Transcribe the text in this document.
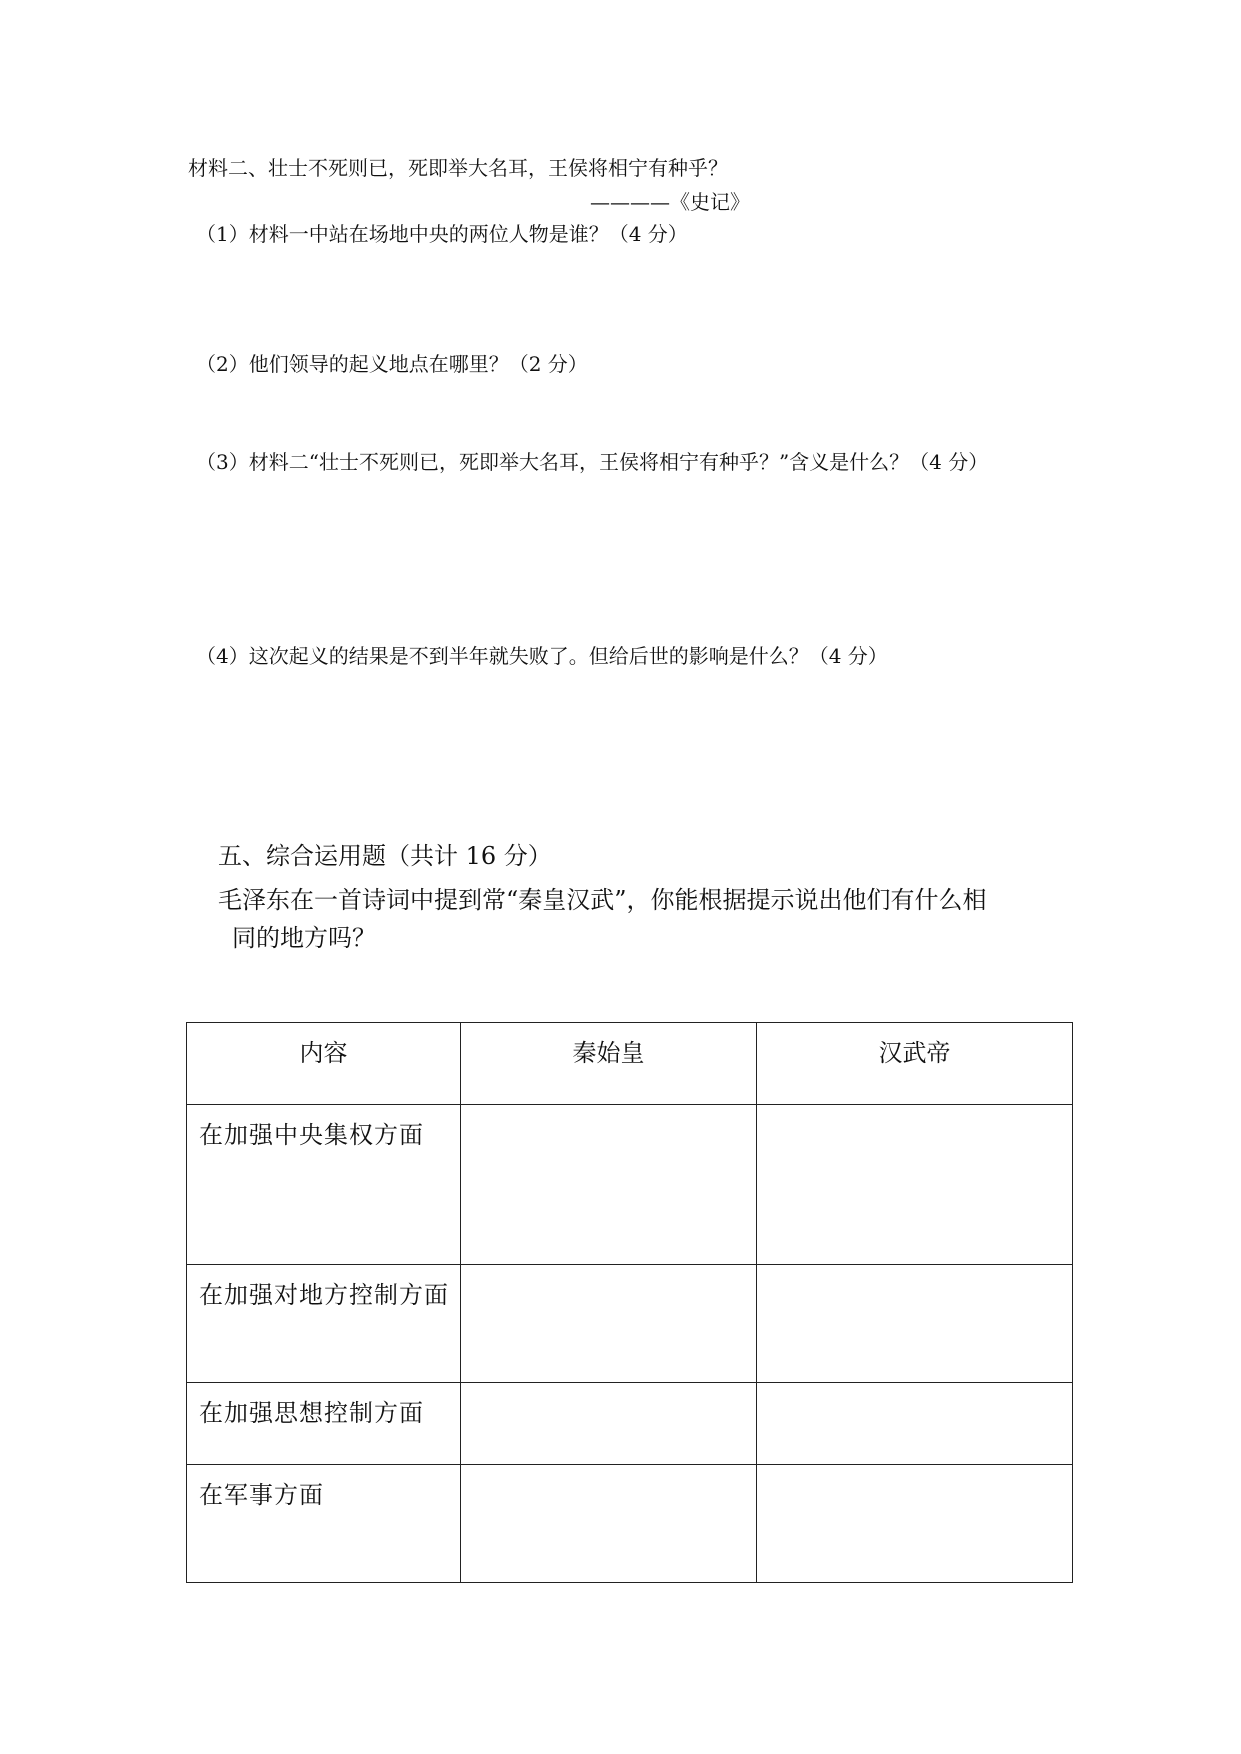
材料二、壮士不死则已，死即举大名耳，王侯将相宁有种乎？
————《史记》
（1）材料一中站在场地中央的两位人物是谁？（4 分）
（2）他们领导的起义地点在哪里？（2 分）
（3）材料二“壮士不死则已，死即举大名耳，王侯将相宁有种乎？”含义是什么？（4 分）
（4）这次起义的结果是不到半年就失败了。但给后世的影响是什么？（4 分）
五、综合运用题（共计 16 分）
毛泽东在一首诗词中提到常“秦皇汉武”，你能根据提示说出他们有什么相
同的地方吗？
内容	秦始皇	汉武帝
在加强中央集权方面		
在加强对地方控制方面		
在加强思想控制方面		
在军事方面		
